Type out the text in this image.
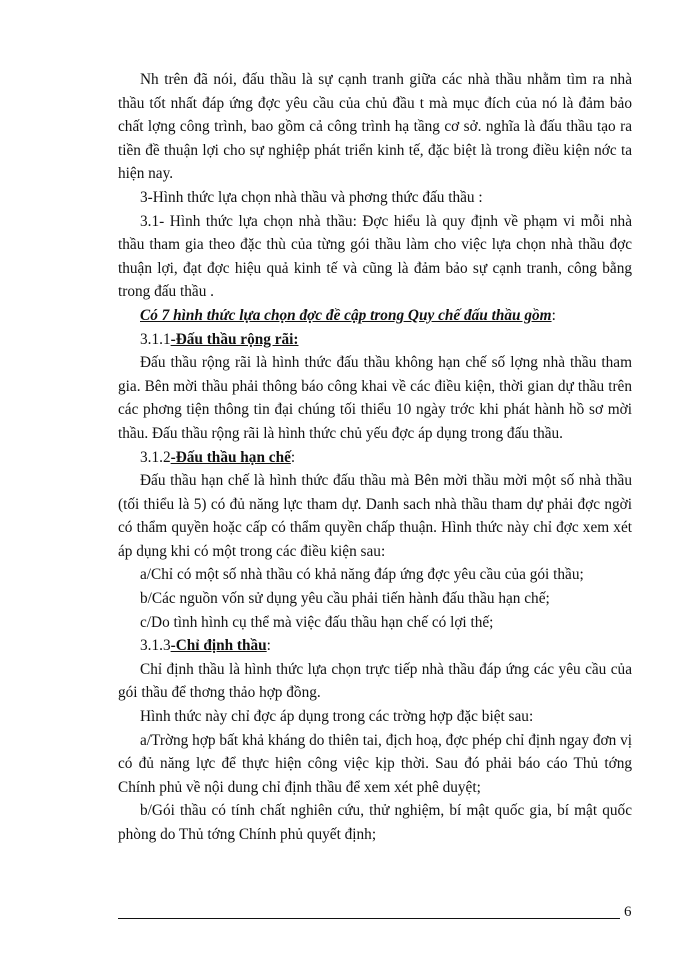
Nh trên đã nói, đấu thầu là sự cạnh tranh giữa các nhà thầu nhằm tìm ra nhà thầu tốt nhất đáp ứng đợc yêu cầu của chủ đầu t mà mục đích của nó là đảm bảo chất lợng công trình, bao gồm cả công trình hạ tầng cơ sở. nghĩa là đấu thầu tạo ra tiền đề thuận lợi cho sự nghiệp phát triển kinh tế, đặc biệt là trong điều kiện nớc ta hiện nay.

3-Hình thức lựa chọn nhà thầu và phơng thức đấu thầu :

3.1- Hình thức lựa chọn nhà thầu: Đợc hiểu là quy định về phạm vi mỗi nhà thầu tham gia theo đặc thù của từng gói thầu làm cho việc lựa chọn nhà thầu đợc thuận lợi, đạt đợc hiệu quả kinh tế và cũng là đảm bảo sự cạnh tranh, công bằng trong đấu thầu .

Có 7 hình thức lựa chọn đợc đề cập trong Quy chế đấu thầu gồm:

3.1.1-Đấu thầu rộng rãi:

Đấu thầu rộng rãi là hình thức đấu thầu không hạn chế số lợng nhà thầu tham gia. Bên mời thầu phải thông báo công khai về các điều kiện, thời gian dự thầu trên các phơng tiện thông tin đại chúng tối thiểu 10 ngày trớc khi phát hành hồ sơ mời thầu. Đấu thầu rộng rãi là hình thức chủ yếu đợc áp dụng trong đấu thầu.

3.1.2-Đấu thầu hạn chế:

Đấu thầu hạn chế là hình thức đấu thầu mà Bên mời thầu mời một số nhà thầu (tối thiểu là 5) có đủ năng lực tham dự. Danh sach nhà thầu tham dự phải đợc ngời có thẩm quyền hoặc cấp có thẩm quyền chấp thuận. Hình thức này chỉ đợc xem xét áp dụng khi có một trong các điều kiện sau:

a/Chỉ có một số nhà thầu có khả năng đáp ứng đợc yêu cầu của gói thầu;

b/Các nguồn vốn sử dụng yêu cầu phải tiến hành đấu thầu hạn chế;

c/Do tình hình cụ thể mà việc đấu thầu hạn chế có lợi thế;

3.1.3-Chỉ định thầu:

Chỉ định thầu là hình thức lựa chọn trực tiếp nhà thầu đáp ứng các yêu cầu của gói thầu để thơng thảo hợp đồng.

Hình thức này chỉ đợc áp dụng trong các trờng hợp đặc biệt sau:

a/Trờng hợp bất khả kháng do thiên tai, địch hoạ, đợc phép chỉ định ngay đơn vị có đủ năng lực để thực hiện công việc kịp thời. Sau đó phải báo cáo Thủ tớng Chính phủ về nội dung chỉ định thầu để xem xét phê duyệt;

b/Gói thầu có tính chất nghiên cứu, thử nghiệm, bí mật quốc gia, bí mật quốc phòng do Thủ tớng Chính phủ quyết định;

6
